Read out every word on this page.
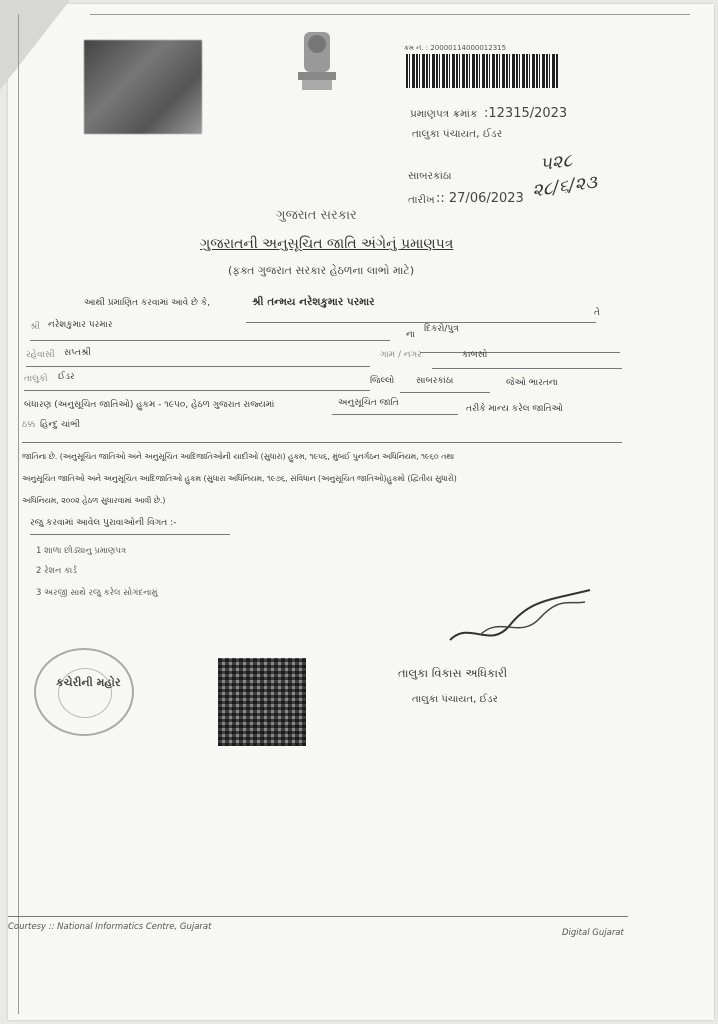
ક્રમ નં. : 20000114000012315
પ્રમાણપત્ર ક્રમાંક :12315/2023
તાલુકા પંચાયત, ઈડર
સાબરકાંઠા
તારીખ :: 27/06/2023
૫૨૮
૨૮/૬/૨૩
ગુજરાત સરકાર
ગુજરાતની અનુસૂચિત જાતિ અંગેનું પ્રમાણપત્ર
(ફક્ત ગુજરાત સરકાર હેઠળના લાભો માટે)
આથી પ્રમાણિત કરવામાં આવે છે કે,	શ્રી તન્મય નરેશકુમાર પરમાર
તે
શ્રી નરેશકુમાર પરમાર
ના
દિકરો/પુત્ર
રહેવાસી સપ્તશ્રી	ગામ / નગર	કાબસો
તાલુકો ઈડર	જિલ્લો સાબરકાંઠા	જેઓ ભારતના
બંધારણ (અનુસૂચિત જાતિઓ) હુકમ - ૧૯૫૦, હેઠળ ગુજરાત રાજ્યમાં	અનુસૂચિત જાતિ
તરીકે માન્ય કરેલ જાતિઓ
ઠક્ક હિન્દુ ચાંભી
જાતિના છે. (અનુસૂચિત જાતિઓ અને અનુસૂચિત આદિજાતિઓની યાદીઓ (સુધારા) હુકમ, ૧૯૫૬, મુંબઈ પુનર્ગઠન અધિનિયમ, ૧૯૬૦ તથા
અનુસૂચિત જાતિઓ અને અનુસૂચિત આદિજાતિઓ હુકમ (સુધારા અધિનિયમ, ૧૯૭૬, સંવિધાન (અનુસૂચિત જાતિઓ)હુકમો (દ્વિતીય સુધારો)
અધિનિયમ, ૨૦૦૨ હેઠળ સુધારવામાં આવી છે.)
રજુ કરવામાં આવેલ પુરાવાઓની વિગત :-
1 શાળા છોડ્યાનુ પ્રમાણપત્ર
2 રેશન કાર્ડ
3 અરજી સાથે રજુ કરેલ સોગંદનામું
કચેરીની મહોર
તાલુકા વિકાસ અધિકારી
તાલુકા પંચાયત, ઈડર
Courtesy :: National Informatics Centre, Gujarat
Digital Gujarat
